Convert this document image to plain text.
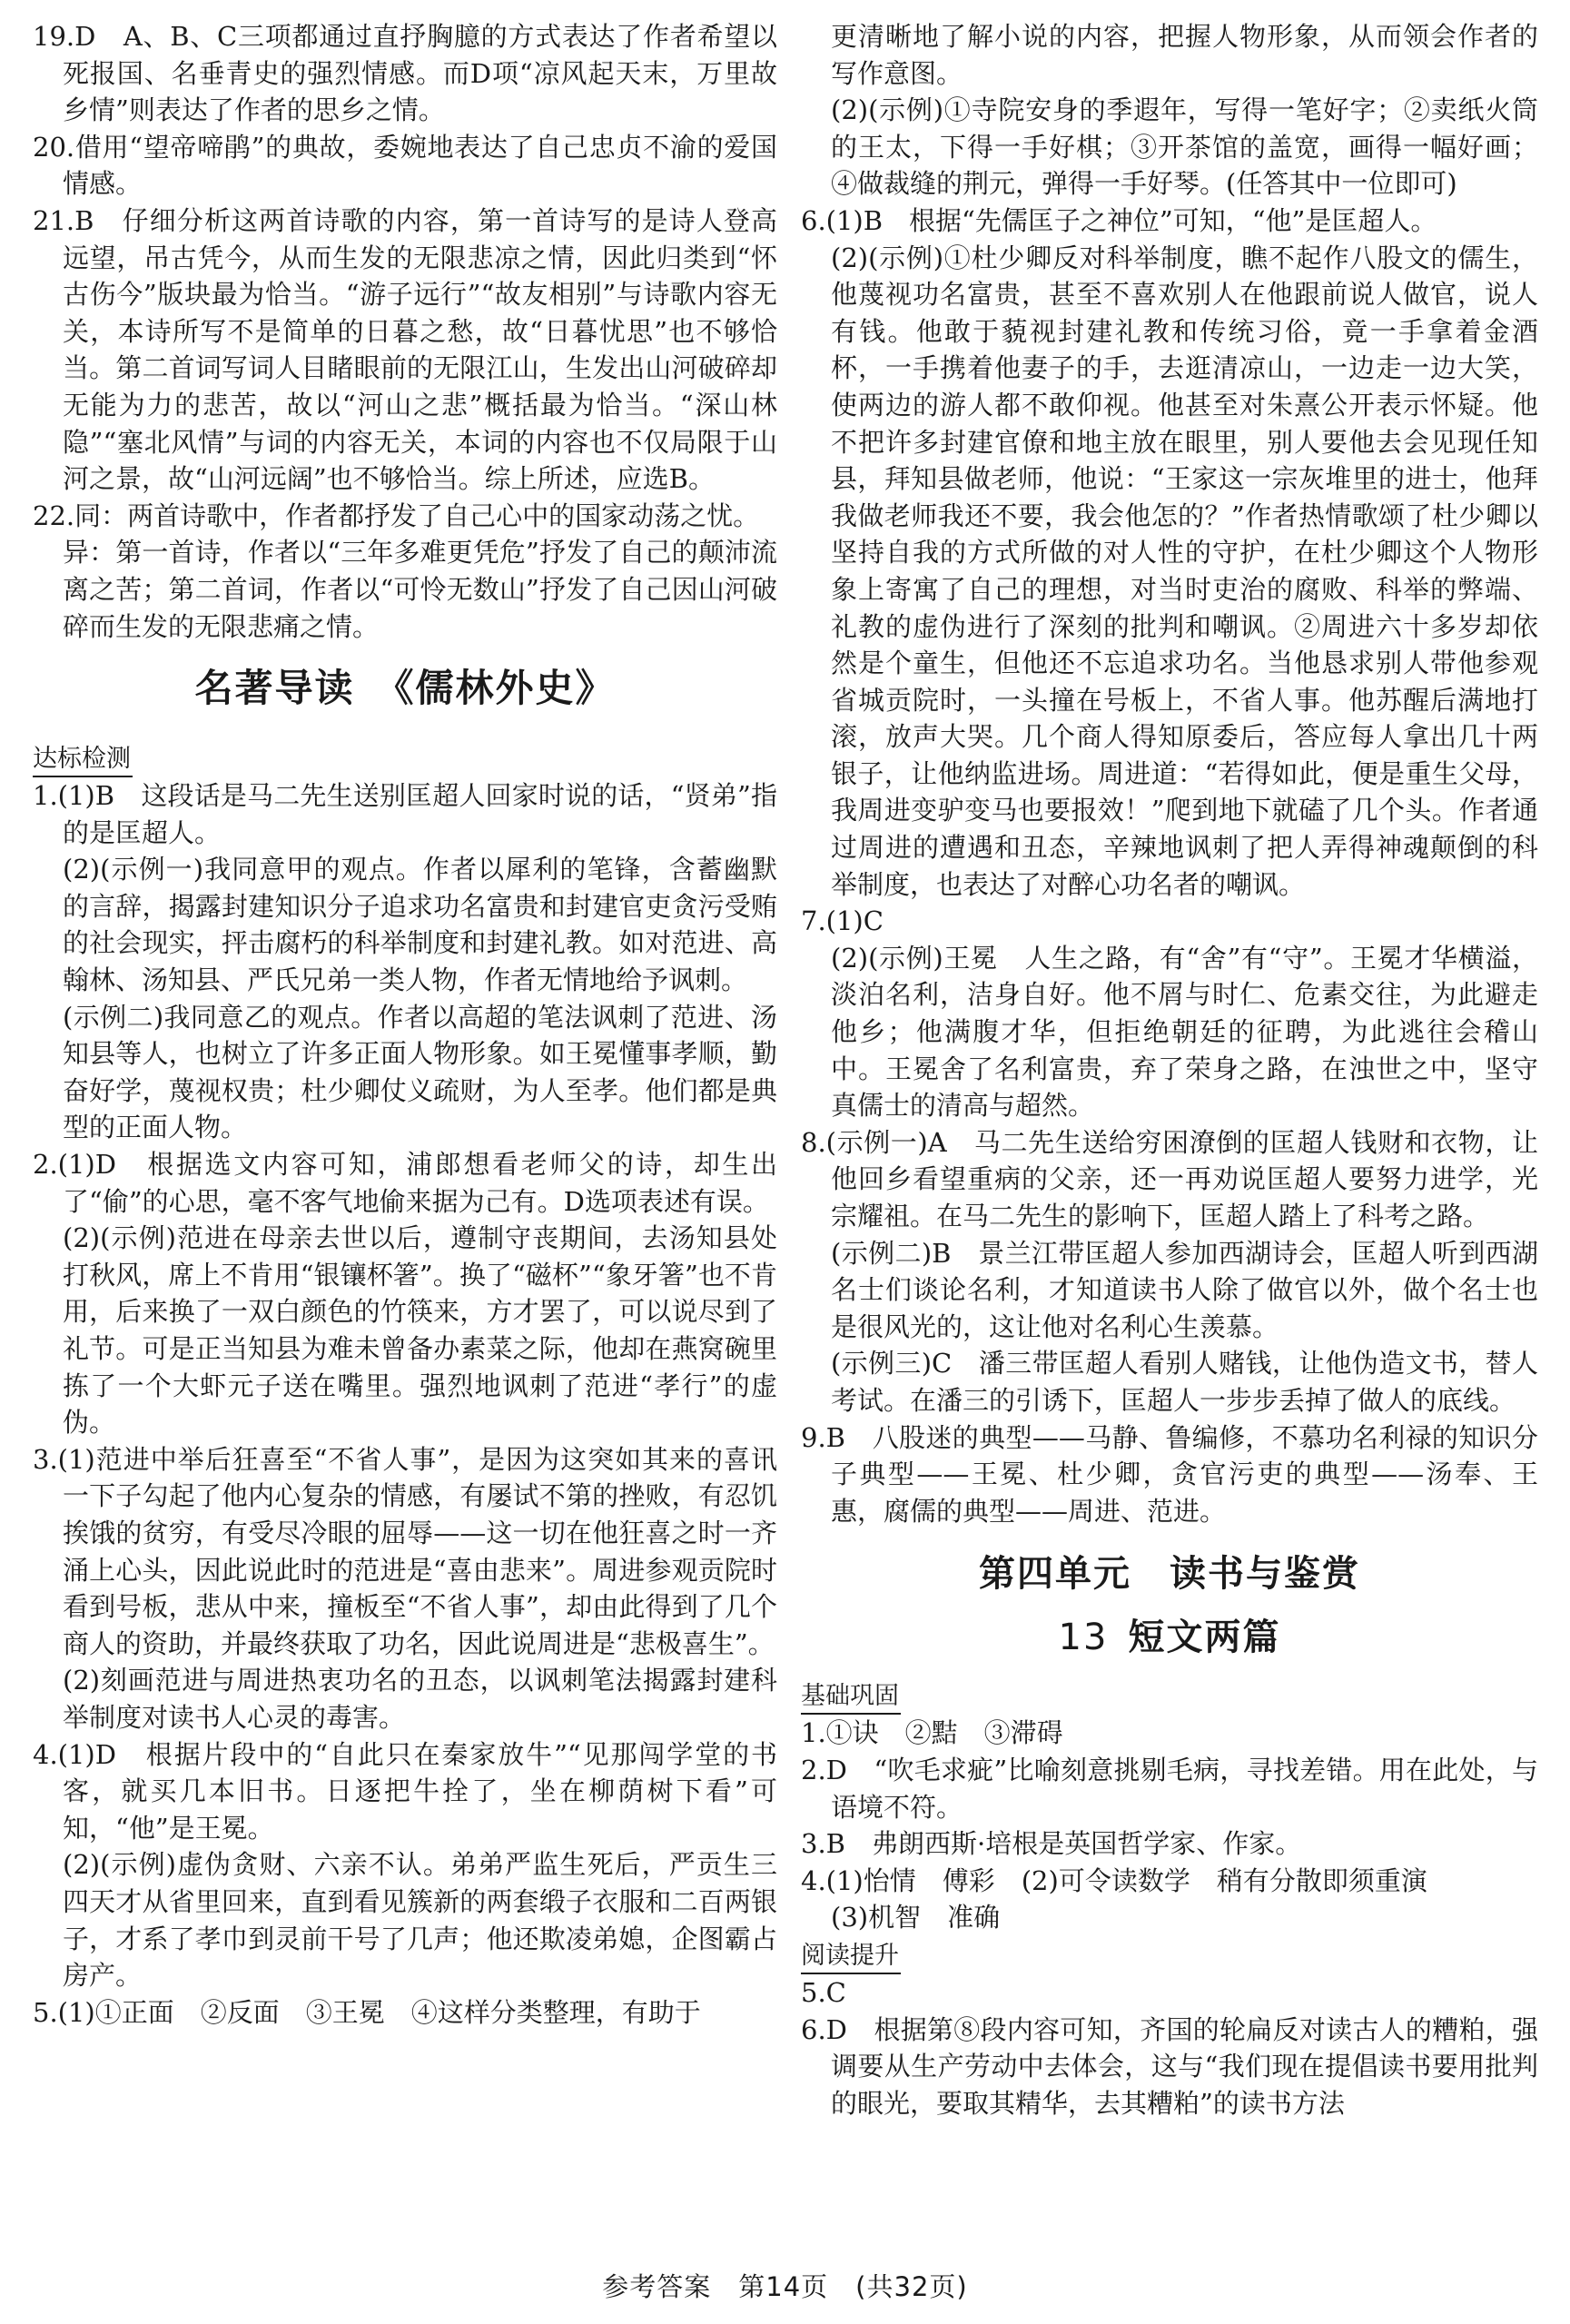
19.D　A、B、C三项都通过直抒胸臆的方式表达了作者希望以死报国、名垂青史的强烈情感。而D项“凉风起天末，万里故乡情”则表达了作者的思乡之情。
20.借用“望帝啼鹃”的典故，委婉地表达了自己忠贞不渝的爱国情感。
21.B　仔细分析这两首诗歌的内容，第一首诗写的是诗人登高远望，吊古凭今，从而生发的无限悲凉之情，因此归类到“怀古伤今”版块最为恰当。“游子远行”“故友相别”与诗歌内容无关，本诗所写不是简单的日暮之愁，故“日暮忧思”也不够恰当。第二首词写词人目睹眼前的无限江山，生发出山河破碎却无能为力的悲苦，故以“河山之悲”概括最为恰当。“深山林隐”“塞北风情”与词的内容无关，本词的内容也不仅局限于山河之景，故“山河远阔”也不够恰当。综上所述，应选B。
22.同：两首诗歌中，作者都抒发了自己心中的国家动荡之忧。
异：第一首诗，作者以“三年多难更凭危”抒发了自己的颠沛流离之苦；第二首词，作者以“可怜无数山”抒发了自己因山河破碎而生发的无限悲痛之情。
名著导读　《儒林外史》
达标检测
1.(1)B　这段话是马二先生送别匡超人回家时说的话，“贤弟”指的是匡超人。
(2)(示例一)我同意甲的观点。作者以犀利的笔锋，含蓄幽默的言辞，揭露封建知识分子追求功名富贵和封建官吏贪污受贿的社会现实，抨击腐朽的科举制度和封建礼教。如对范进、高翰林、汤知县、严氏兄弟一类人物，作者无情地给予讽刺。
(示例二)我同意乙的观点。作者以高超的笔法讽刺了范进、汤知县等人，也树立了许多正面人物形象。如王冕懂事孝顺，勤奋好学，蔑视权贵；杜少卿仗义疏财，为人至孝。他们都是典型的正面人物。
2.(1)D　根据选文内容可知，浦郎想看老师父的诗，却生出了“偷”的心思，毫不客气地偷来据为己有。D选项表述有误。
(2)(示例)范进在母亲去世以后，遵制守丧期间，去汤知县处打秋风，席上不肯用“银镶杯箸”。换了“磁杯”“象牙箸”也不肯用，后来换了一双白颜色的竹筷来，方才罢了，可以说尽到了礼节。可是正当知县为难未曾备办素菜之际，他却在燕窝碗里拣了一个大虾元子送在嘴里。强烈地讽刺了范进“孝行”的虚伪。
3.(1)范进中举后狂喜至“不省人事”，是因为这突如其来的喜讯一下子勾起了他内心复杂的情感，有屡试不第的挫败，有忍饥挨饿的贫穷，有受尽冷眼的屈辱——这一切在他狂喜之时一齐涌上心头，因此说此时的范进是“喜由悲来”。周进参观贡院时看到号板，悲从中来，撞板至“不省人事”，却由此得到了几个商人的资助，并最终获取了功名，因此说周进是“悲极喜生”。
(2)刻画范进与周进热衷功名的丑态，以讽刺笔法揭露封建科举制度对读书人心灵的毒害。
4.(1)D　根据片段中的“自此只在秦家放牛”“见那闯学堂的书客，就买几本旧书。日逐把牛拴了，坐在柳荫树下看”可知，“他”是王冕。
(2)(示例)虚伪贪财、六亲不认。弟弟严监生死后，严贡生三四天才从省里回来，直到看见簇新的两套缎子衣服和二百两银子，才系了孝巾到灵前干号了几声；他还欺凌弟媳，企图霸占房产。
5.(1)①正面　②反面　③王冕　④这样分类整理，有助于
更清晰地了解小说的内容，把握人物形象，从而领会作者的写作意图。
(2)(示例)①寺院安身的季遐年，写得一笔好字；②卖纸火筒的王太，下得一手好棋；③开茶馆的盖宽，画得一幅好画；④做裁缝的荆元，弹得一手好琴。(任答其中一位即可)
6.(1)B　根据“先儒匡子之神位”可知，“他”是匡超人。
(2)(示例)①杜少卿反对科举制度，瞧不起作八股文的儒生，他蔑视功名富贵，甚至不喜欢别人在他跟前说人做官，说人有钱。他敢于藐视封建礼教和传统习俗，竟一手拿着金酒杯，一手携着他妻子的手，去逛清凉山，一边走一边大笑，使两边的游人都不敢仰视。他甚至对朱熹公开表示怀疑。他不把许多封建官僚和地主放在眼里，别人要他去会见现任知县，拜知县做老师，他说：“王家这一宗灰堆里的进士，他拜我做老师我还不要，我会他怎的？”作者热情歌颂了杜少卿以坚持自我的方式所做的对人性的守护，在杜少卿这个人物形象上寄寓了自己的理想，对当时吏治的腐败、科举的弊端、礼教的虚伪进行了深刻的批判和嘲讽。②周进六十多岁却依然是个童生，但他还不忘追求功名。当他恳求别人带他参观省城贡院时，一头撞在号板上，不省人事。他苏醒后满地打滚，放声大哭。几个商人得知原委后，答应每人拿出几十两银子，让他纳监进场。周进道：“若得如此，便是重生父母，我周进变驴变马也要报效！”爬到地下就磕了几个头。作者通过周进的遭遇和丑态，辛辣地讽刺了把人弄得神魂颠倒的科举制度，也表达了对醉心功名者的嘲讽。
7.(1)C
(2)(示例)王冕　人生之路，有“舍”有“守”。王冕才华横溢，淡泊名利，洁身自好。他不屑与时仁、危素交往，为此避走他乡；他满腹才华，但拒绝朝廷的征聘，为此逃往会稽山中。王冕舍了名利富贵，弃了荣身之路，在浊世之中，坚守真儒士的清高与超然。
8.(示例一)A　马二先生送给穷困潦倒的匡超人钱财和衣物，让他回乡看望重病的父亲，还一再劝说匡超人要努力进学，光宗耀祖。在马二先生的影响下，匡超人踏上了科考之路。
(示例二)B　景兰江带匡超人参加西湖诗会，匡超人听到西湖名士们谈论名利，才知道读书人除了做官以外，做个名士也是很风光的，这让他对名利心生羡慕。
(示例三)C　潘三带匡超人看别人赌钱，让他伪造文书，替人考试。在潘三的引诱下，匡超人一步步丢掉了做人的底线。
9.B　八股迷的典型——马静、鲁编修，不慕功名利禄的知识分子典型——王冕、杜少卿，贪官污吏的典型——汤奉、王惠，腐儒的典型——周进、范进。
第四单元　读书与鉴赏
13 短文两篇
基础巩固
1.①诀　②黠　③滞碍
2.D　“吹毛求疵”比喻刻意挑剔毛病，寻找差错。用在此处，与语境不符。
3.B　弗朗西斯·培根是英国哲学家、作家。
4.(1)怡情　傅彩　(2)可令读数学　稍有分散即须重演
(3)机智　准确
阅读提升
5.C
6.D　根据第⑧段内容可知，齐国的轮扁反对读古人的糟粕，强调要从生产劳动中去体会，这与“我们现在提倡读书要用批判的眼光，要取其精华，去其糟粕”的读书方法
参考答案　第14页　(共32页)
